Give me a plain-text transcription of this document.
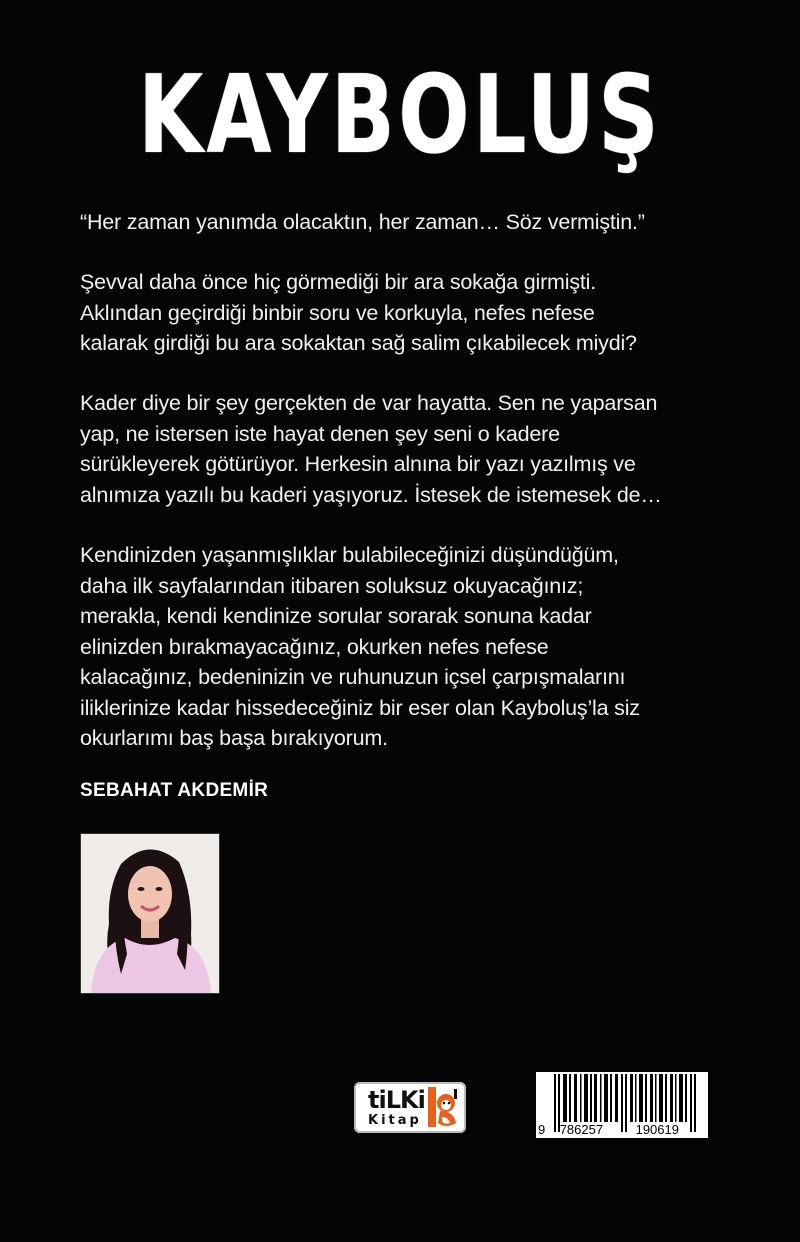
KAYBOLUŞ
“Her zaman yanımda olacaktın, her zaman… Söz vermiştin.”
Şevval daha önce hiç görmediği bir ara sokağa girmişti.
Aklından geçirdiği binbir soru ve korkuyla, nefes nefese
kalarak girdiği bu ara sokaktan sağ salim çıkabilecek miydi?
Kader diye bir şey gerçekten de var hayatta. Sen ne yaparsan
yap, ne istersen iste hayat denen şey seni o kadere
sürükleyerek götürüyor. Herkesin alnına bir yazı yazılmış ve
alnımıza yazılı bu kaderi yaşıyoruz. İstesek de istemesek de…
Kendinizden yaşanmışlıklar bulabileceğinizi düşündüğüm,
daha ilk sayfalarından itibaren soluksuz okuyacağınız;
merakla, kendi kendinize sorular sorarak sonuna kadar
elinizden bırakmayacağınız, okurken nefes nefese
kalacağınız, bedeninizin ve ruhunuzun içsel çarpışmalarını
iliklerinize kadar hissedeceğiniz bir eser olan Kayboluş’la siz
okurlarımı baş başa bırakıyorum.
SEBAHAT AKDEMİR
tiLKi
Kitap
9 786257	190619
